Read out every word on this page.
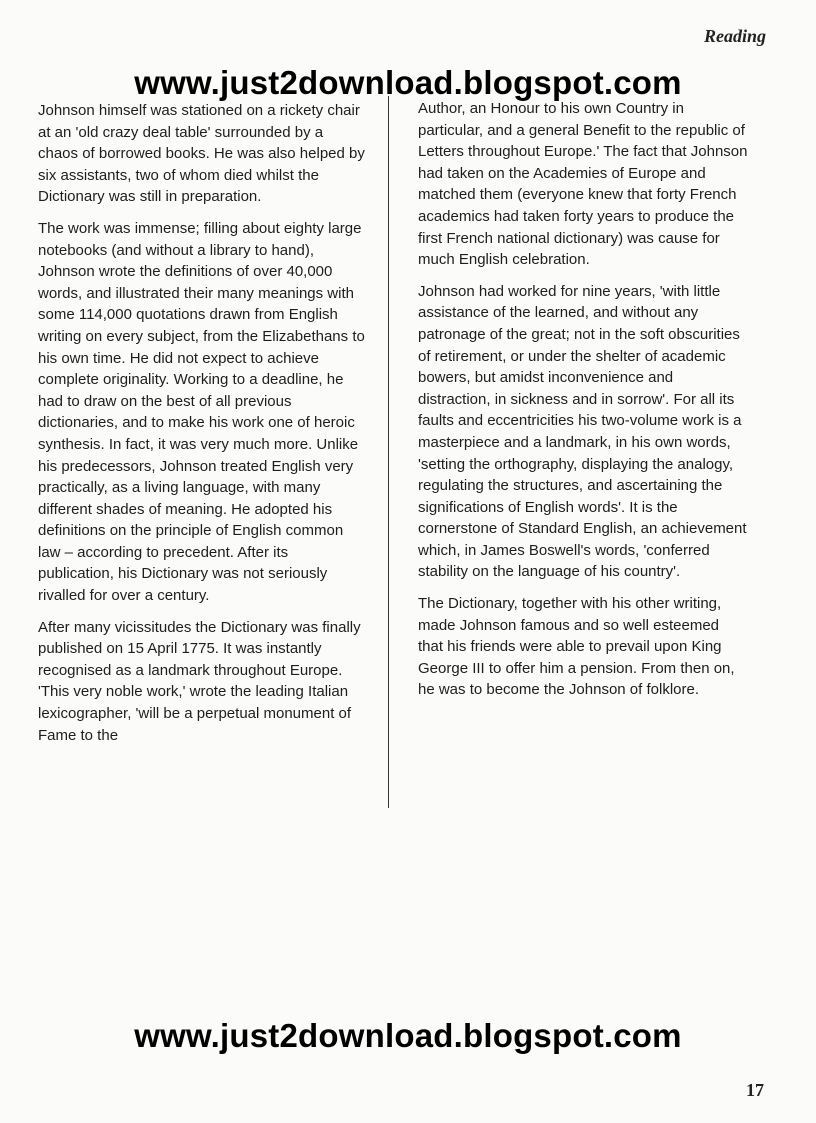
Reading
www.just2download.blogspot.com

Johnson himself was stationed on a rickety chair at an 'old crazy deal table' surrounded by a chaos of borrowed books. He was also helped by six assistants, two of whom died whilst the Dictionary was still in preparation.

The work was immense; filling about eighty large notebooks (and without a library to hand), Johnson wrote the definitions of over 40,000 words, and illustrated their many meanings with some 114,000 quotations drawn from English writing on every subject, from the Elizabethans to his own time. He did not expect to achieve complete originality. Working to a deadline, he had to draw on the best of all previous dictionaries, and to make his work one of heroic synthesis. In fact, it was very much more. Unlike his predecessors, Johnson treated English very practically, as a living language, with many different shades of meaning. He adopted his definitions on the principle of English common law – according to precedent. After its publication, his Dictionary was not seriously rivalled for over a century.

After many vicissitudes the Dictionary was finally published on 15 April 1775. It was instantly recognised as a landmark throughout Europe. 'This very noble work,' wrote the leading Italian lexicographer, 'will be a perpetual monument of Fame to the

Author, an Honour to his own Country in particular, and a general Benefit to the republic of Letters throughout Europe.' The fact that Johnson had taken on the Academies of Europe and matched them (everyone knew that forty French academics had taken forty years to produce the first French national dictionary) was cause for much English celebration.

Johnson had worked for nine years, 'with little assistance of the learned, and without any patronage of the great; not in the soft obscurities of retirement, or under the shelter of academic bowers, but amidst inconvenience and distraction, in sickness and in sorrow'. For all its faults and eccentricities his two-volume work is a masterpiece and a landmark, in his own words, 'setting the orthography, displaying the analogy, regulating the structures, and ascertaining the significations of English words'. It is the cornerstone of Standard English, an achievement which, in James Boswell's words, 'conferred stability on the language of his country'.

The Dictionary, together with his other writing, made Johnson famous and so well esteemed that his friends were able to prevail upon King George III to offer him a pension. From then on, he was to become the Johnson of folklore.

www.just2download.blogspot.com
17
